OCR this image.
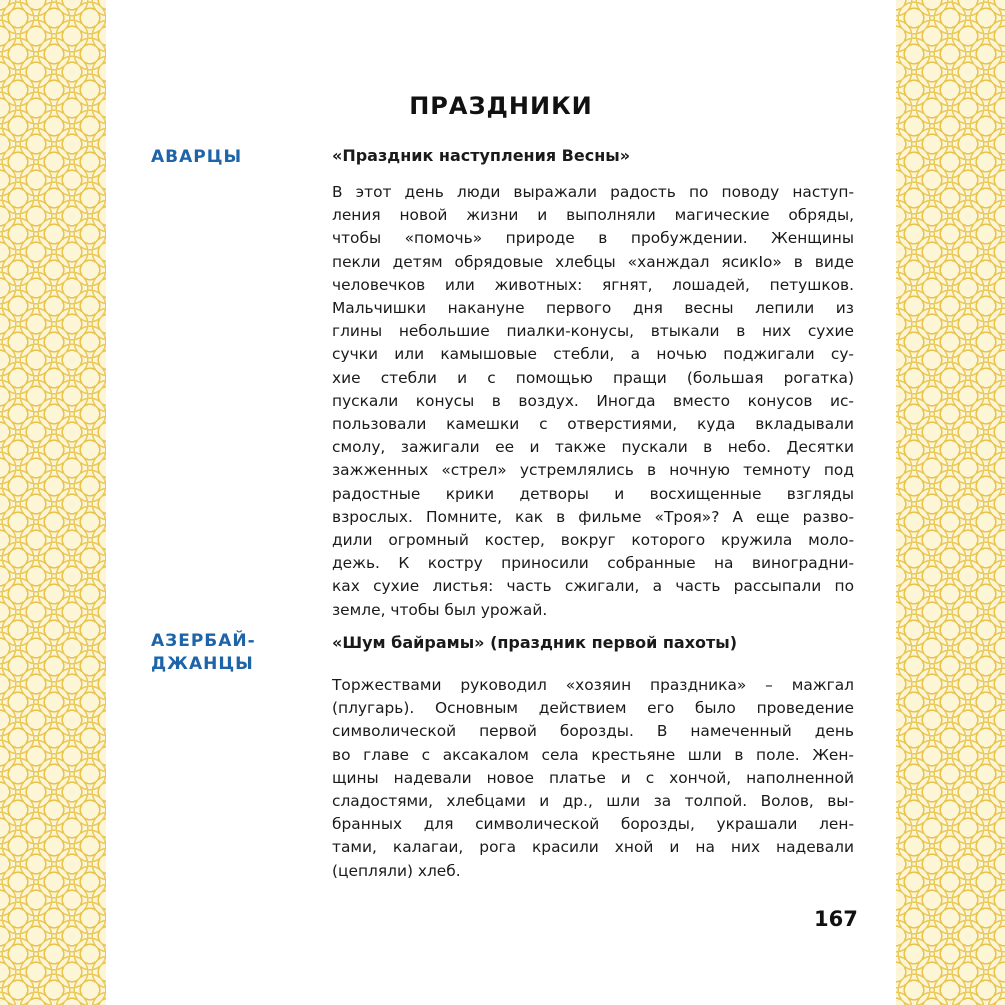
ПРАЗДНИКИ
АВАРЦЫ	«Праздник наступления Весны»
В этот день люди выражали радость по поводу наступ-
ления новой жизни и выполняли магические обряды,
чтобы «помочь» природе в пробуждении. Женщины
пекли детям обрядовые хлебцы «ханждал ясикIо» в виде
человечков или животных: ягнят, лошадей, петушков.
Мальчишки накануне первого дня весны лепили из
глины небольшие пиалки-конусы, втыкали в них сухие
сучки или камышовые стебли, а ночью поджигали су-
хие стебли и с помощью пращи (большая рогатка)
пускали конусы в воздух. Иногда вместо конусов ис-
пользовали камешки с отверстиями, куда вкладывали
смолу, зажигали ее и также пускали в небо. Десятки
зажженных «стрел» устремлялись в ночную темноту под
радостные крики детворы и восхищенные взгляды
взрослых. Помните, как в фильме «Троя»? А еще разво-
дили огромный костер, вокруг которого кружила моло-
дежь. К костру приносили собранные на виноградни-
ках сухие листья: часть сжигали, а часть рассыпали по
земле, чтобы был урожай.
АЗЕРБАЙ-
ДЖАНЦЫ
«Шум байрамы» (праздник первой пахоты)
Торжествами руководил «хозяин праздника» – мажгал
(плугарь). Основным действием его было проведение
символической первой борозды. В намеченный день
во главе с аксакалом села крестьяне шли в поле. Жен-
щины надевали новое платье и с хончой, наполненной
сладостями, хлебцами и др., шли за толпой. Волов, вы-
бранных для символической борозды, украшали лен-
тами, калагаи, рога красили хной и на них надевали
(цепляли) хлеб.
167
